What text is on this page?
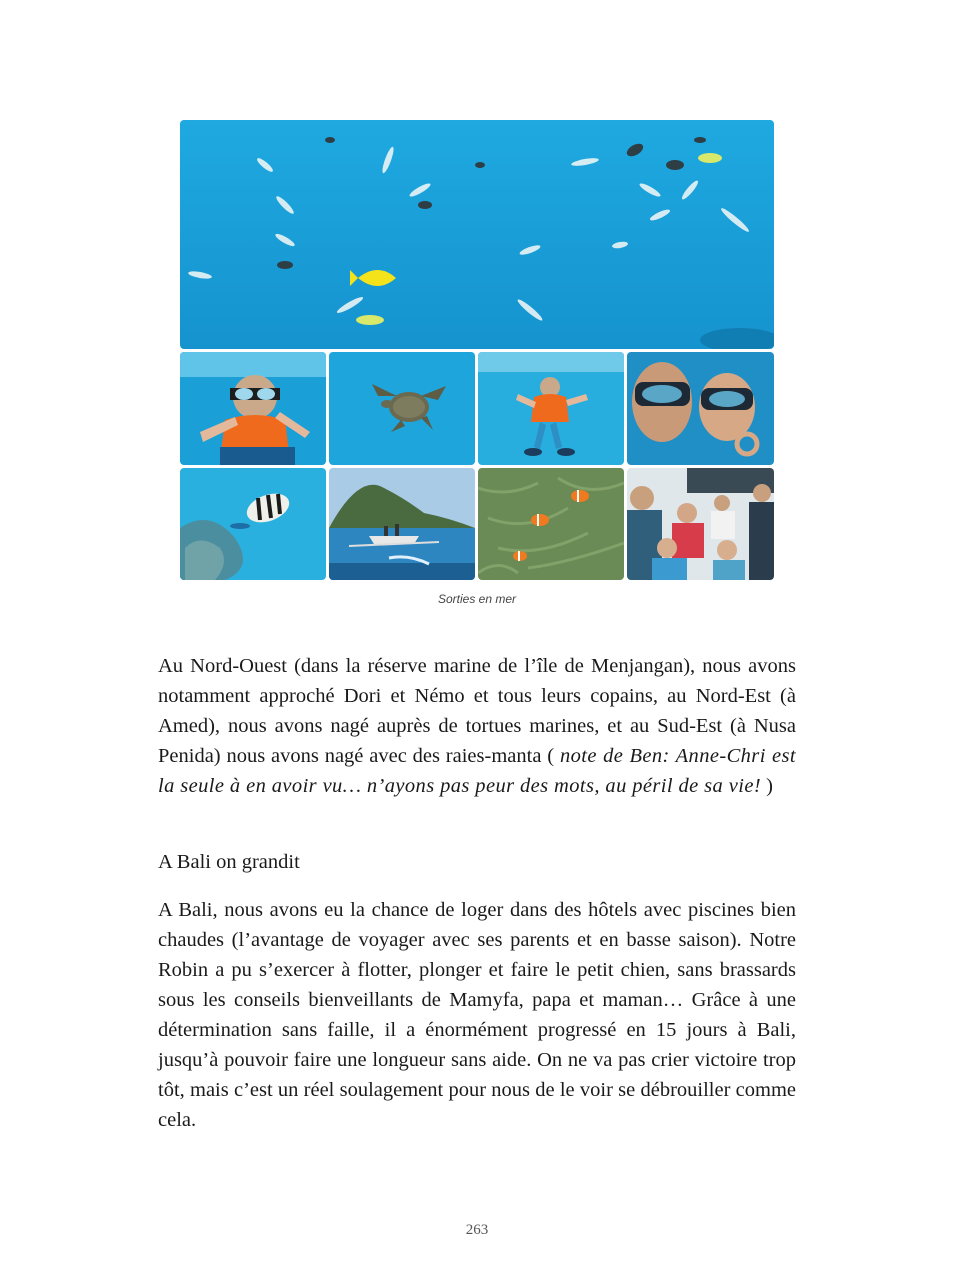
Sorties en mer

Au Nord-Ouest (dans la réserve marine de l’île de Menjangan), nous avons notamment approché Dori et Némo et tous leurs copains, au Nord-Est (à Amed), nous avons nagé auprès de tortues marines, et au Sud-Est (à Nusa Penida) nous avons nagé avec des raies-manta ( note de Ben: Anne-Chri est la seule à en avoir vu… n’ayons pas peur des mots, au péril de sa vie! )

A Bali on grandit

A Bali, nous avons eu la chance de loger dans des hôtels avec piscines bien chaudes (l’avantage de voyager avec ses parents et en basse saison). Notre Robin a pu s’exercer à flotter, plonger et faire le petit chien, sans brassards sous les conseils bienveillants de Mamyfa, papa et maman… Grâce à une détermination sans faille, il a énormément progressé en 15 jours à Bali, jusqu’à pouvoir faire une longueur sans aide. On ne va pas crier victoire trop tôt, mais c’est un réel soulagement pour nous de le voir se débrouiller comme cela.

263
